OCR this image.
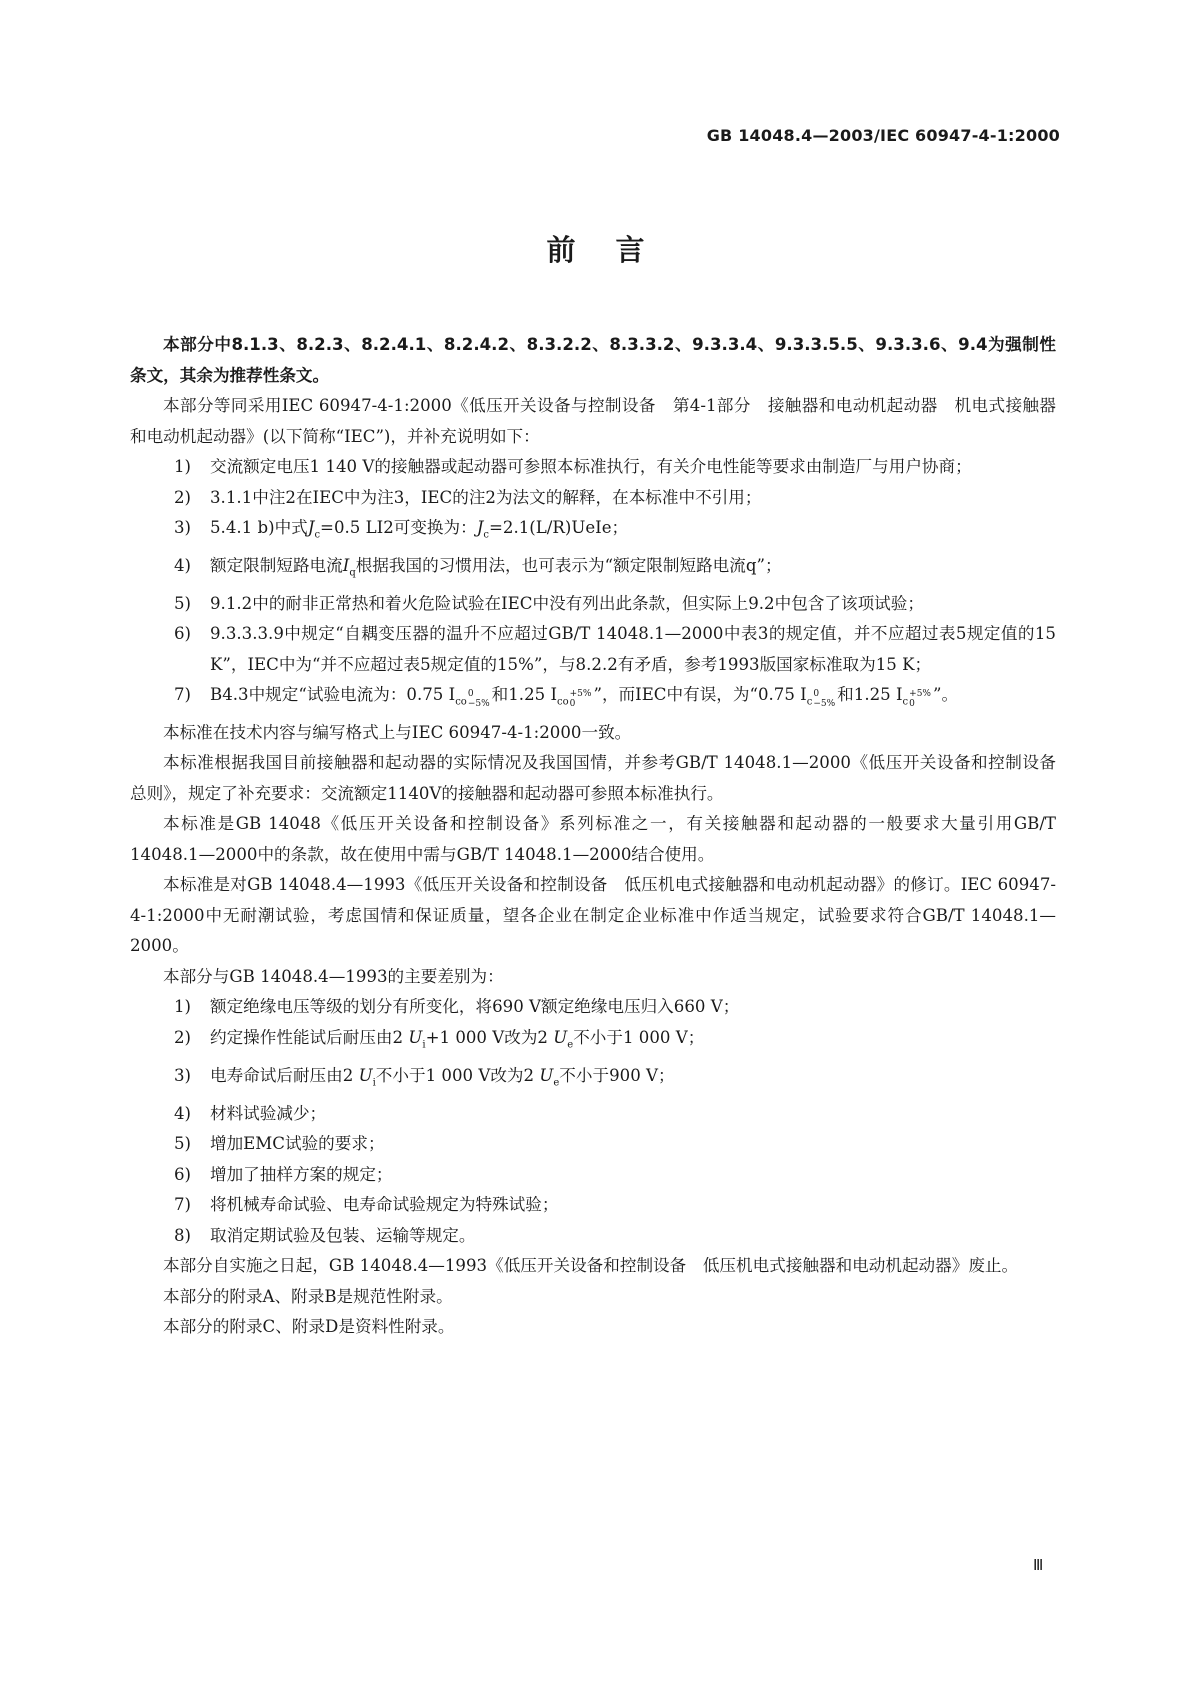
GB 14048.4—2003/IEC 60947-4-1:2000
前言

本部分中8.1.3、8.2.3、8.2.4.1、8.2.4.2、8.3.2.2、8.3.3.2、9.3.3.4、9.3.3.5.5、9.3.3.6、9.4为强制性条文，其余为推荐性条文。

本部分等同采用IEC 60947-4-1:2000《低压开关设备与控制设备　第4-1部分　接触器和电动机起动器　机电式接触器和电动机起动器》(以下简称“IEC”)，并补充说明如下：

1) 交流额定电压1 140 V的接触器或起动器可参照本标准执行，有关介电性能等要求由制造厂与用户协商；

2) 3.1.1中注2在IEC中为注3，IEC的注2为法文的解释，在本标准中不引用；

3) 5.4.1 b)中式$J_c=0.5$ LI2可变换为：$J_c=2.1(L/R)UeIe$；

4) 额定限制短路电流$I_q$根据我国的习惯用法，也可表示为“额定限制短路电流q”；

5) 9.1.2中的耐非正常热和着火危险试验在IEC中没有列出此条款，但实际上9.2中包含了该项试验；

6) 9.3.3.3.9中规定“自耦变压器的温升不应超过GB/T 14048.1—2000中表3的规定值，并不应超过表5规定值的15 K”，IEC中为“并不应超过表5规定值的15%”，与8.2.2有矛盾，参考1993版国家标准取为15 K；

7) B4.3中规定“试验电流为：0.75 $I_{co}$
0
−5% 和1.25 $I_{co}$
+5%
0	”，而IEC中有误，为“0.75 $I_c$
0
−5% 和1.25 $I_c$
+5%
0	”。

本标准在技术内容与编写格式上与IEC 60947-4-1:2000一致。

本标准根据我国目前接触器和起动器的实际情况及我国国情，并参考GB/T 14048.1—2000《低压开关设备和控制设备　总则》，规定了补充要求：交流额定1140V的接触器和起动器可参照本标准执行。

本标准是GB 14048《低压开关设备和控制设备》系列标准之一，有关接触器和起动器的一般要求大量引用GB/T 14048.1—2000中的条款，故在使用中需与GB/T 14048.1—2000结合使用。

本标准是对GB 14048.4—1993《低压开关设备和控制设备　低压机电式接触器和电动机起动器》的修订。IEC 60947-4-1:2000中无耐潮试验，考虑国情和保证质量，望各企业在制定企业标准中作适当规定，试验要求符合GB/T 14048.1—2000。

本部分与GB 14048.4—1993的主要差别为：

1) 额定绝缘电压等级的划分有所变化，将690 V额定绝缘电压归入660 V；

2) 约定操作性能试后耐压由2 $U_i+1$ 000 V改为2 $U_e$不小于1 000 V；

3) 电寿命试后耐压由2 $U_i$不小于1 000 V改为2 $U_e$不小于900 V；

4) 材料试验减少；

5) 增加EMC试验的要求；

6) 增加了抽样方案的规定；

7) 将机械寿命试验、电寿命试验规定为特殊试验；

8) 取消定期试验及包装、运输等规定。

本部分自实施之日起，GB 14048.4—1993《低压开关设备和控制设备　低压机电式接触器和电动机起动器》废止。

本部分的附录A、附录B是规范性附录。

本部分的附录C、附录D是资料性附录。

Ⅲ
